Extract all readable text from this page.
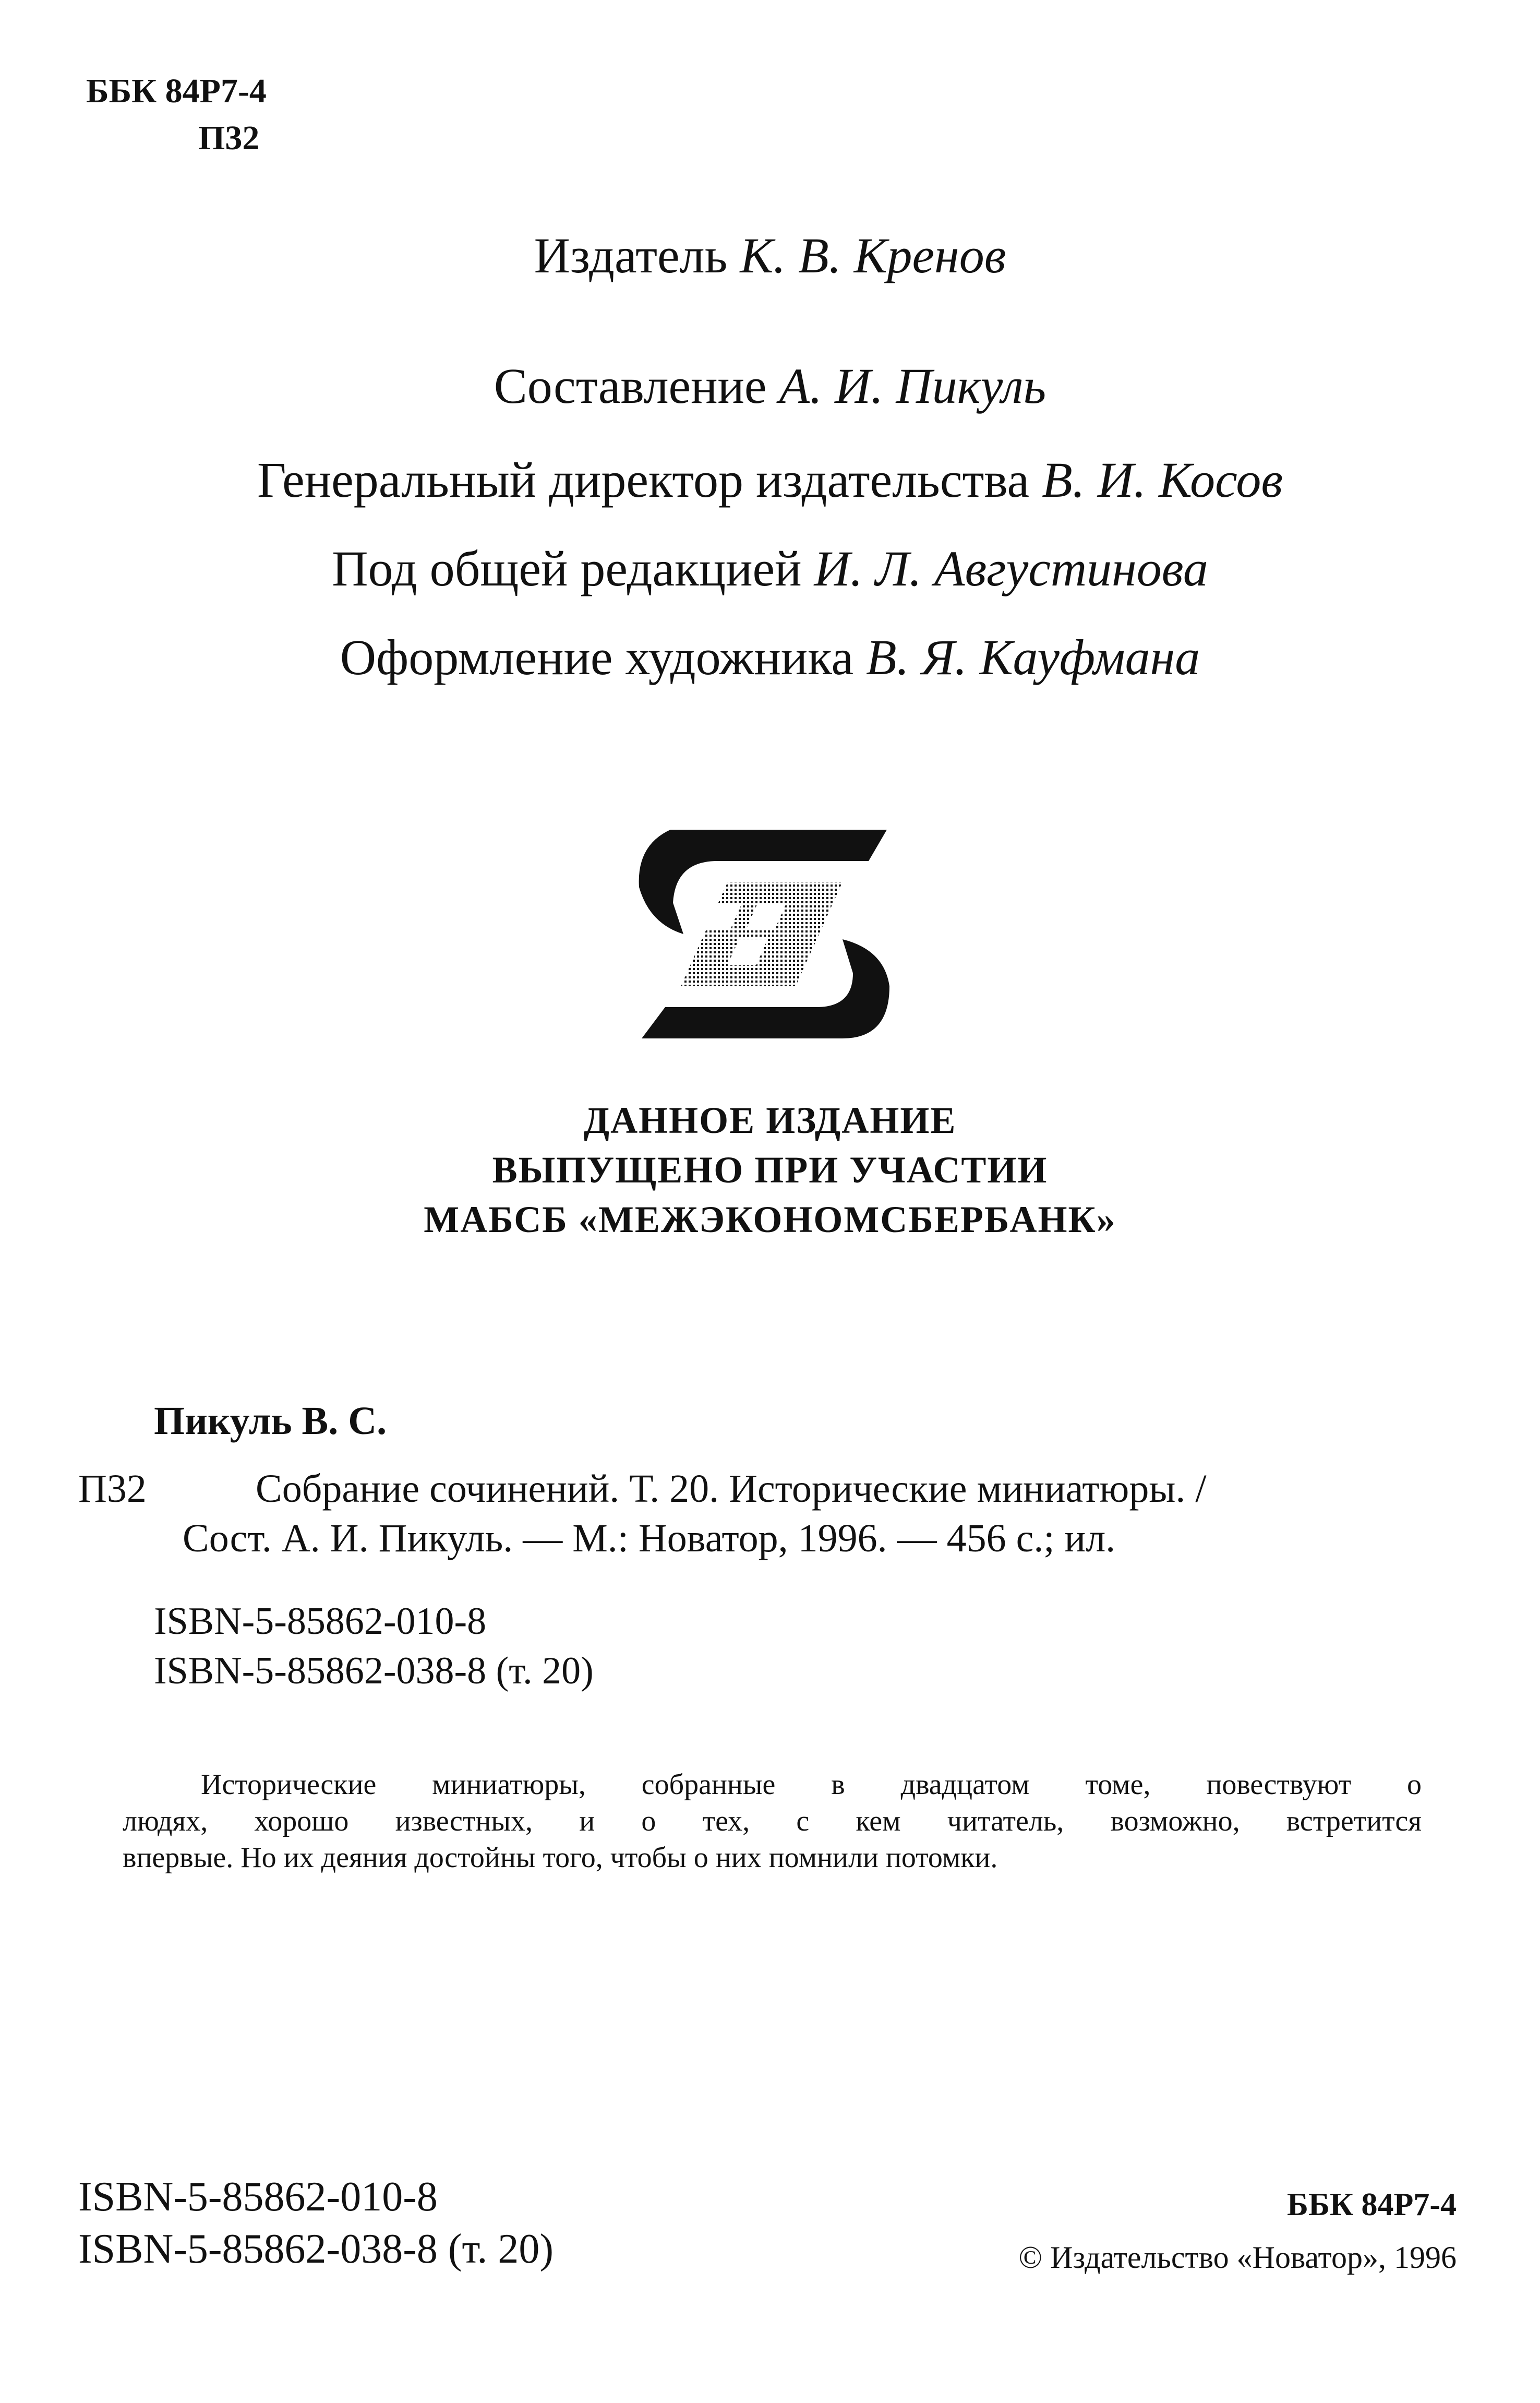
ББК 84Р7-4
П32
Издатель К. В. Кренов
Составление А. И. Пикуль
Генеральный директор издательства В. И. Косов
Под общей редакцией И. Л. Августинова
Оформление художника В. Я. Кауфмана
ДАННОЕ ИЗДАНИЕ
ВЫПУЩЕНО ПРИ УЧАСТИИ
МАБСБ «МЕЖЭКОНОМСБЕРБАНК»
Пикуль В. С.
П32	Собрание сочинений. Т. 20. Исторические миниатюры. /
Сост. А. И. Пикуль. — М.: Новатор, 1996. — 456 с.; ил.
ISBN-5-85862-010-8
ISBN-5-85862-038-8 (т. 20)
Исторические миниатюры, собранные в двадцатом томе, повествуют о
людях, хорошо известных, и о тех, с кем читатель, возможно, встретится
впервые. Но их деяния достойны того, чтобы о них помнили потомки.
ISBN-5-85862-010-8
ISBN-5-85862-038-8 (т. 20)
ББК 84Р7-4
© Издательство «Новатор», 1996
